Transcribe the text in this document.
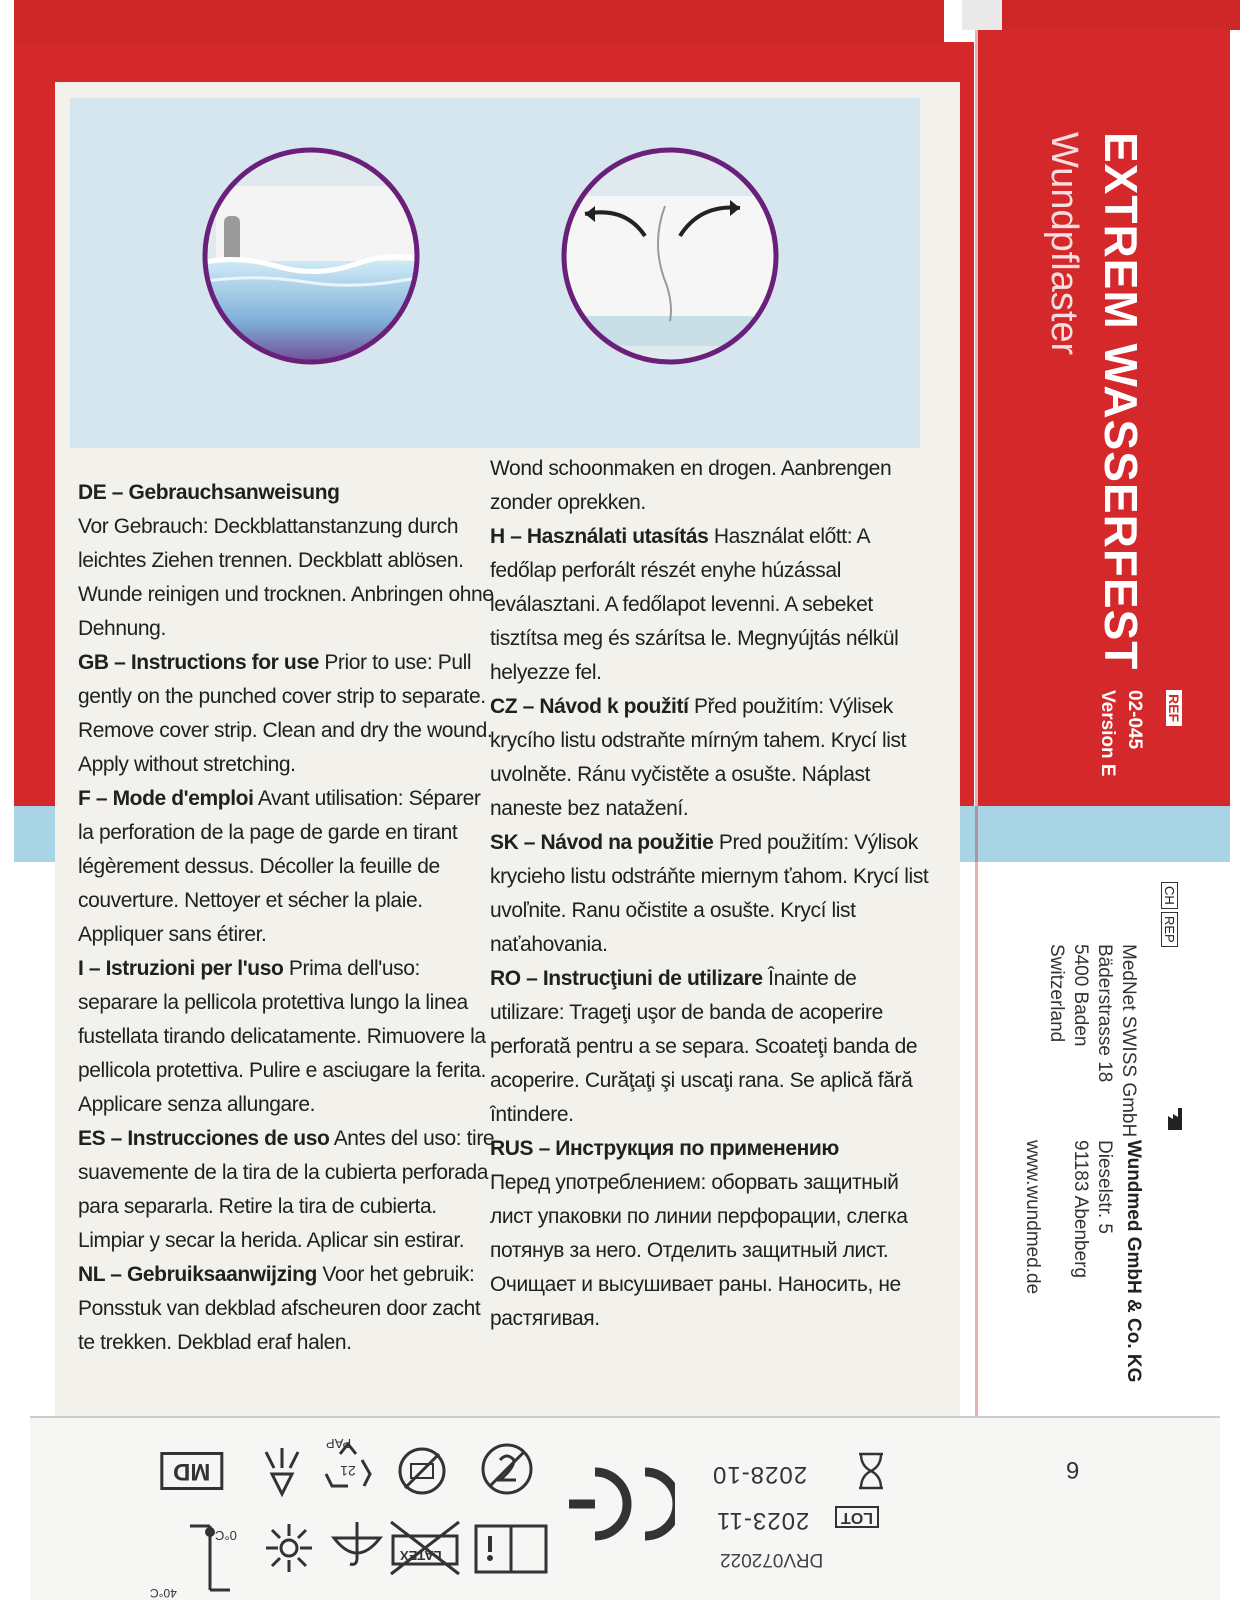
DE – Gebrauchsanweisung
Vor Gebrauch: Deckblattanstanzung durch leichtes Ziehen trennen. Deckblatt ablösen. Wunde reinigen und trocknen. Anbringen ohne Dehnung.

GB – Instructions for use Prior to use: Pull gently on the punched cover strip to separate. Remove cover strip. Clean and dry the wound. Apply without stretching.

F – Mode d'emploi Avant utilisation: Séparer la perforation de la page de garde en tirant légèrement dessus. Décoller la feuille de couverture. Nettoyer et sécher la plaie. Appliquer sans étirer.

I – Istruzioni per l'uso Prima dell'uso: separare la pellicola protettiva lungo la linea fustellata tirando delicatamente. Rimuovere la pellicola protettiva. Pulire e asciugare la ferita. Applicare senza allungare.

ES – Instrucciones de uso Antes del uso: tire suavemente de la tira de la cubierta perforada para separarla. Retire la tira de cubierta. Limpiar y secar la herida. Aplicar sin estirar.

NL – Gebruiksaanwijzing Voor het gebruik: Ponsstuk van dekblad afscheuren door zacht te trekken. Dekblad eraf halen.

Wond schoonmaken en drogen. Aanbrengen zonder oprekken.

H – Használati utasítás Használat előtt: A fedőlap perforált részét enyhe húzással leválasztani. A fedőlapot levenni. A sebeket tisztítsa meg és szárítsa le. Megnyújtás nélkül helyezze fel.

CZ – Návod k použití Před použitím: Výlisek krycího listu odstraňte mírným tahem. Krycí list uvolněte. Ránu vyčistěte a osušte. Náplast naneste bez natažení.

SK – Návod na použitie Pred použitím: Výlisok krycieho listu odstráňte miernym ťahom. Krycí list uvoľnite. Ranu očistite a osušte. Krycí list naťahovania.

RO – Instrucţiuni de utilizare Înainte de utilizare: Trageţi uşor de banda de acoperire perforată pentru a se separa. Scoateţi banda de acoperire. Curăţaţi şi uscaţi rana. Se aplică fără întindere.

RUS – Инструкция по применению
Перед употреблением: оборвать защитный лист упаковки по линии перфорации, слегка потянув за него. Отделить защитный лист. Очищает и высушивает раны. Наносить, не растягивая.

EXTREM WASSERFEST
Wundpflaster
REF
02-045
Version E
CH
REP
MedNet SWISS GmbH
Bäderstrasse 18
5400 Baden
Switzerland
Wundmed GmbH & Co. KG
Dieselstr. 5
91183 Abenberg
www.wundmed.de
6
2028-10
LOT
2023-11
DRV072022
MD	21
PAP
0°C
40°C
LATEX
